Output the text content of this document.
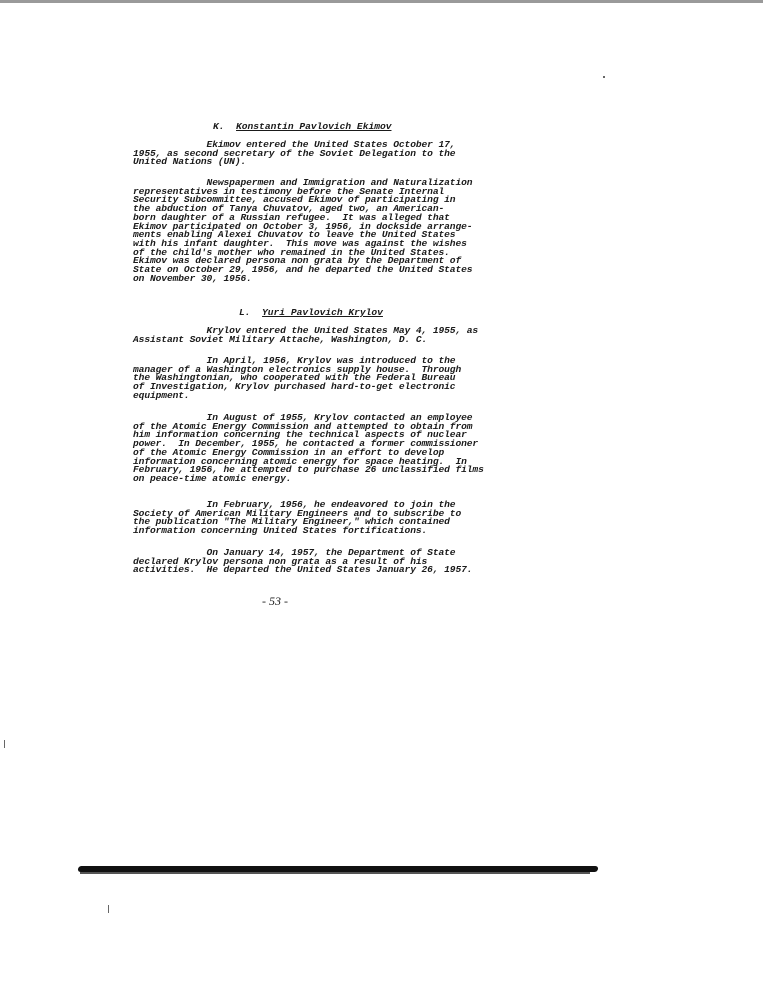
K. Konstantin Pavlovich Ekimov
Ekimov entered the United States October 17,
1955, as second secretary of the Soviet Delegation to the
United Nations (UN).
Newspapermen and Immigration and Naturalization
representatives in testimony before the Senate Internal
Security Subcommittee, accused Ekimov of participating in
the abduction of Tanya Chuvatov, aged two, an American-
born daughter of a Russian refugee.  It was alleged that
Ekimov participated on October 3, 1956, in dockside arrange-
ments enabling Alexei Chuvatov to leave the United States
with his infant daughter.  This move was against the wishes
of the child's mother who remained in the United States.
Ekimov was declared persona non grata by the Department of
State on October 29, 1956, and he departed the United States
on November 30, 1956.
L. Yuri Pavlovich Krylov
Krylov entered the United States May 4, 1955, as
Assistant Soviet Military Attache, Washington, D. C.
In April, 1956, Krylov was introduced to the
manager of a Washington electronics supply house.  Through
the Washingtonian, who cooperated with the Federal Bureau
of Investigation, Krylov purchased hard-to-get electronic
equipment.
In August of 1955, Krylov contacted an employee
of the Atomic Energy Commission and attempted to obtain from
him information concerning the technical aspects of nuclear
power.  In December, 1955, he contacted a former commissioner
of the Atomic Energy Commission in an effort to develop
information concerning atomic energy for space heating.  In
February, 1956, he attempted to purchase 26 unclassified films
on peace-time atomic energy.
In February, 1956, he endeavored to join the
Society of American Military Engineers and to subscribe to
the publication "The Military Engineer," which contained
information concerning United States fortifications.
On January 14, 1957, the Department of State
declared Krylov persona non grata as a result of his
activities.  He departed the United States January 26, 1957.
- 53 -
